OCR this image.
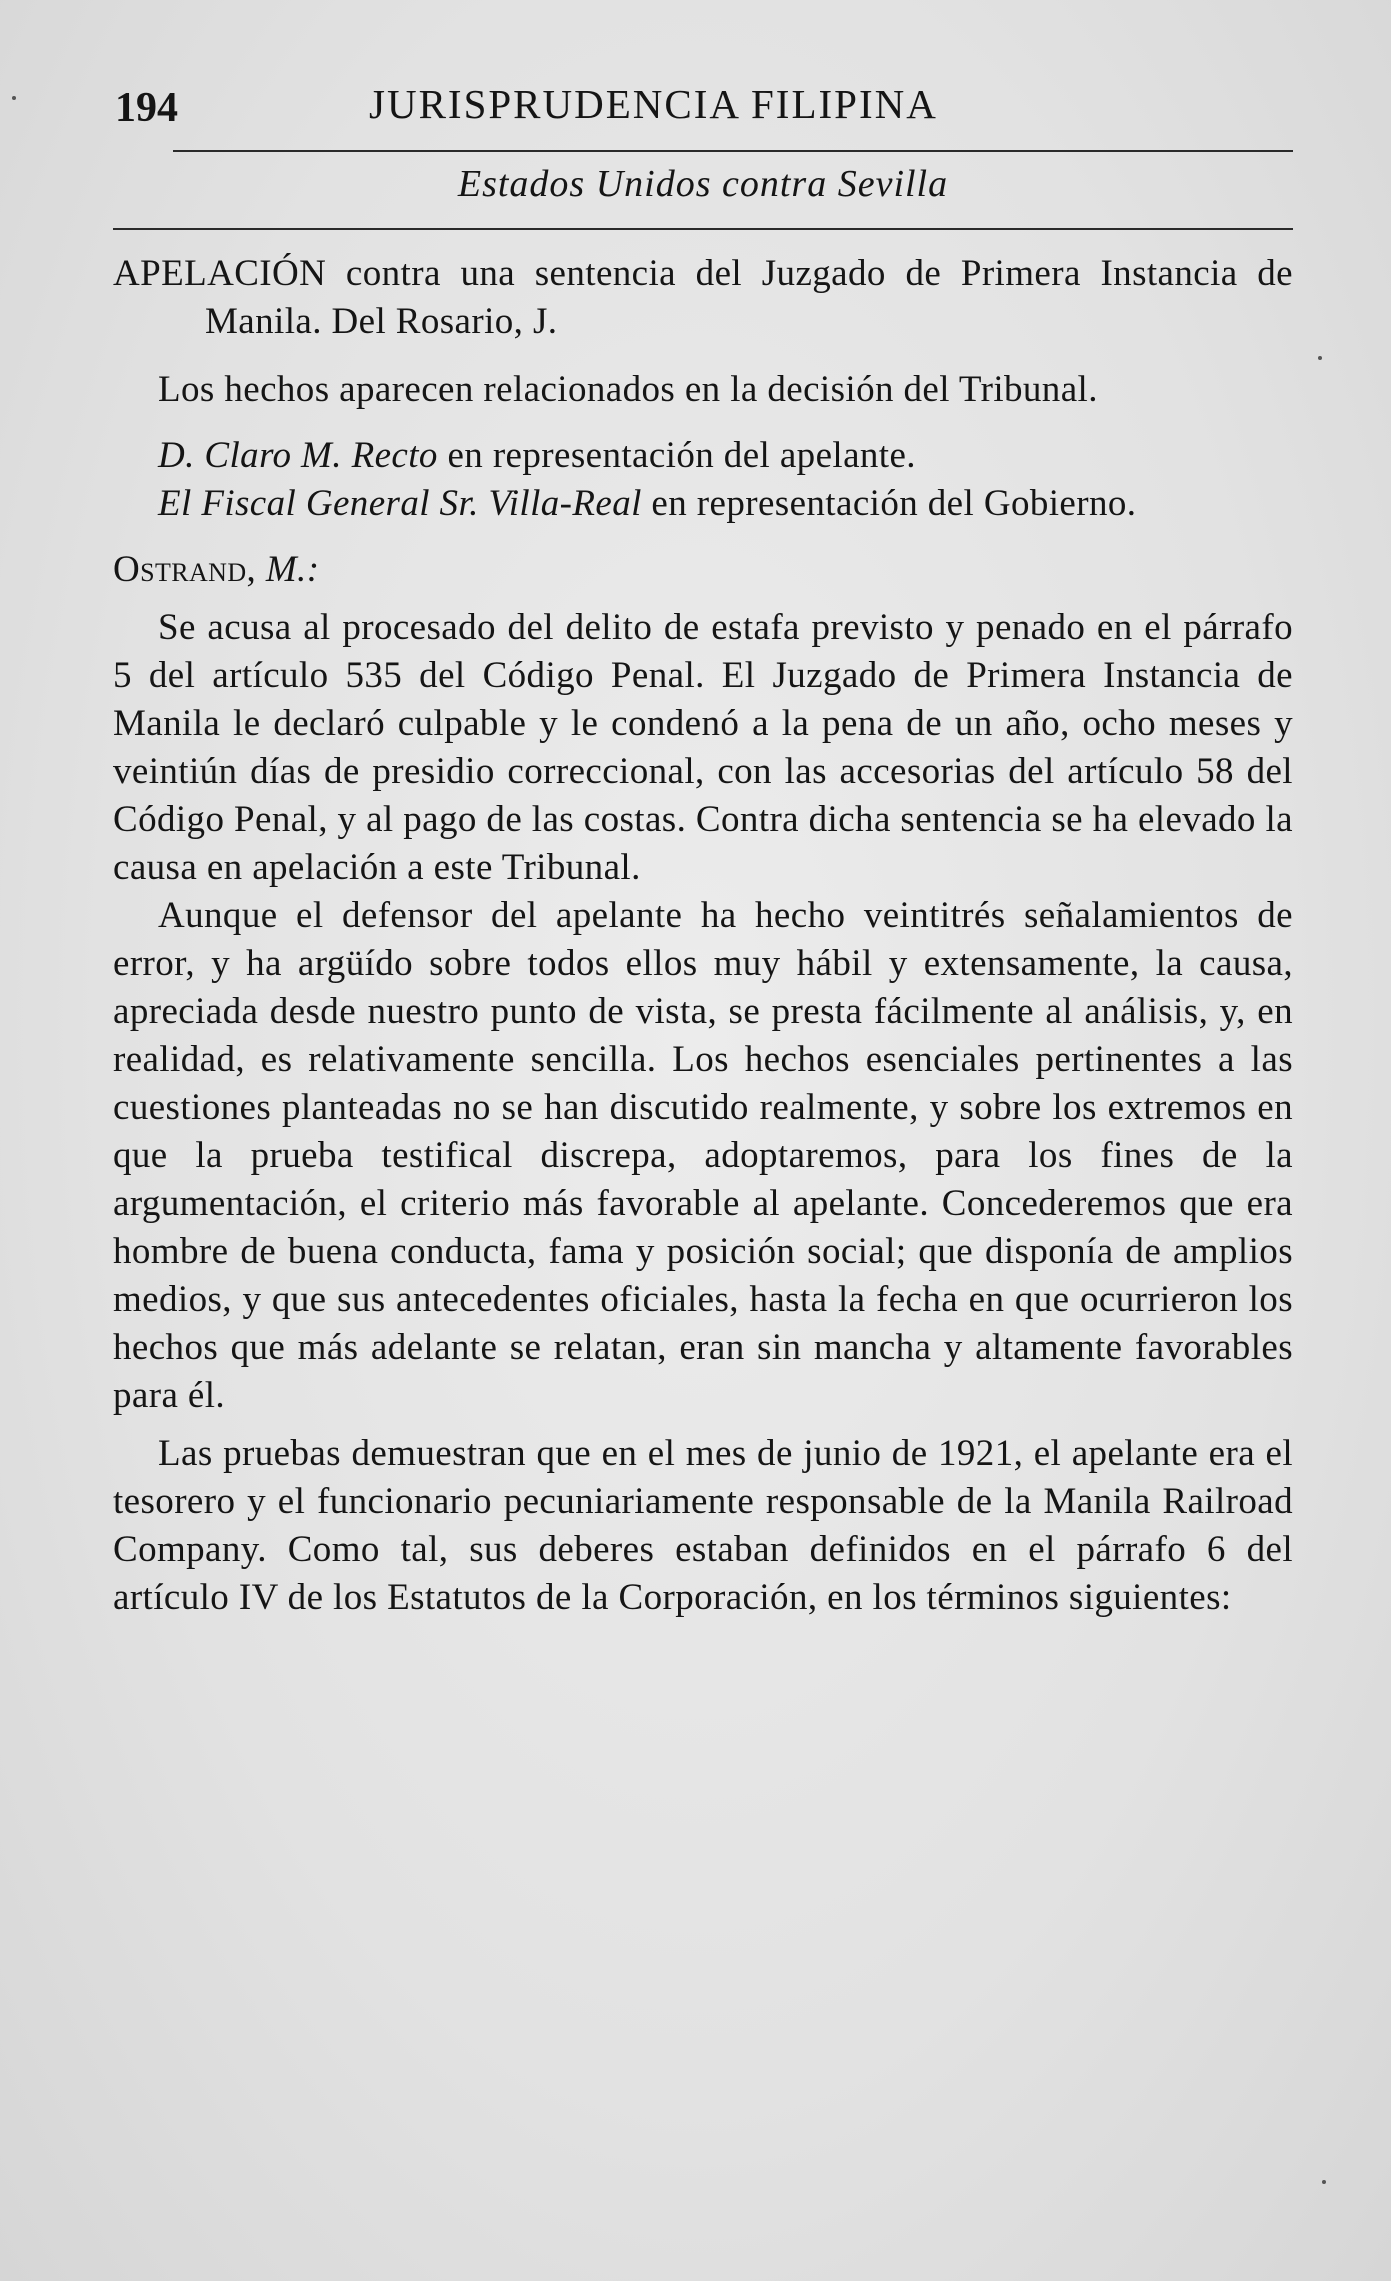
194	JURISPRUDENCIA FILIPINA
Estados Unidos contra Sevilla

APELACIÓN contra una sentencia del Juzgado de Primera Instancia de Manila. Del Rosario, J.

Los hechos aparecen relacionados en la decisión del Tribunal.

D. Claro M. Recto en representación del apelante.

El Fiscal General Sr. Villa-Real en representación del Gobierno.

Ostrand, M.:

Se acusa al procesado del delito de estafa previsto y penado en el párrafo 5 del artículo 535 del Código Penal. El Juzgado de Primera Instancia de Manila le declaró culpable y le condenó a la pena de un año, ocho meses y veintiún días de presidio correccional, con las accesorias del artículo 58 del Código Penal, y al pago de las costas. Contra dicha sentencia se ha elevado la causa en apelación a este Tribunal.

Aunque el defensor del apelante ha hecho veintitrés señalamientos de error, y ha argüído sobre todos ellos muy hábil y extensamente, la causa, apreciada desde nuestro punto de vista, se presta fácilmente al análisis, y, en realidad, es relativamente sencilla. Los hechos esenciales pertinentes a las cuestiones planteadas no se han discutido realmente, y sobre los extremos en que la prueba testifical discrepa, adoptaremos, para los fines de la argumentación, el criterio más favorable al apelante. Concederemos que era hombre de buena conducta, fama y posición social; que disponía de amplios medios, y que sus antecedentes oficiales, hasta la fecha en que ocurrieron los hechos que más adelante se relatan, eran sin mancha y altamente favorables para él.

Las pruebas demuestran que en el mes de junio de 1921, el apelante era el tesorero y el funcionario pecuniariamente responsable de la Manila Railroad Company. Como tal, sus deberes estaban definidos en el párrafo 6 del artículo IV de los Estatutos de la Corporación, en los términos siguientes:
